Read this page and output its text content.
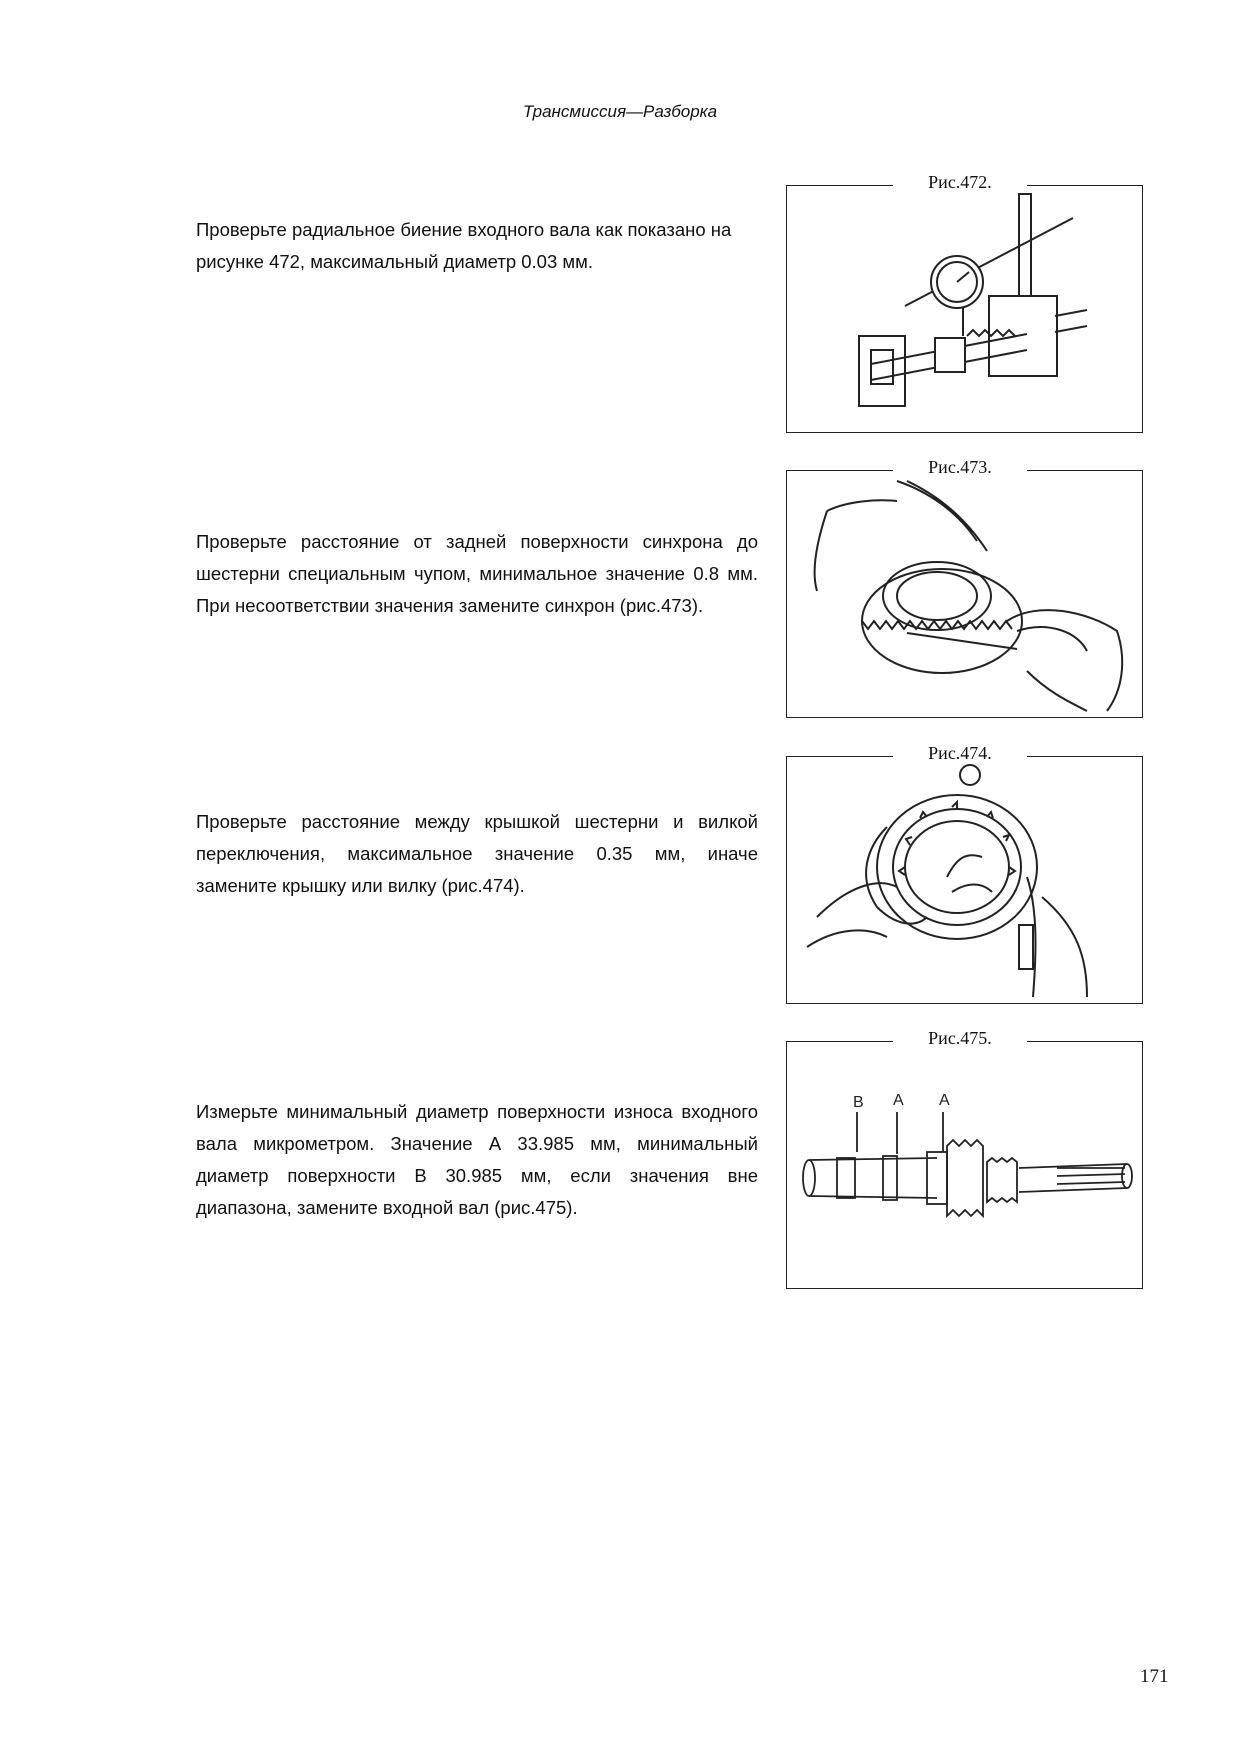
Трансмиссия—Разборка
Проверьте радиальное биение входного вала как показано на рисунке 472, максимальный диаметр 0.03 мм.
Рис.472.
Проверьте расстояние от задней поверхности синхрона до шестерни специальным чупом, минимальное значение 0.8 мм. При несоответствии значения замените синхрон (рис.473).
Рис.473.
Проверьте расстояние между крышкой шестерни и вилкой переключения, максимальное значение 0.35 мм, иначе замените крышку или вилку (рис.474).
Рис.474.
Измерьте минимальный диаметр поверхности износа входного вала микрометром. Значение А 33.985 мм, минимальный диаметр поверхности В 30.985 мм, если значения вне диапазона, замените входной вал (рис.475).
Рис.475.
B A A
171
